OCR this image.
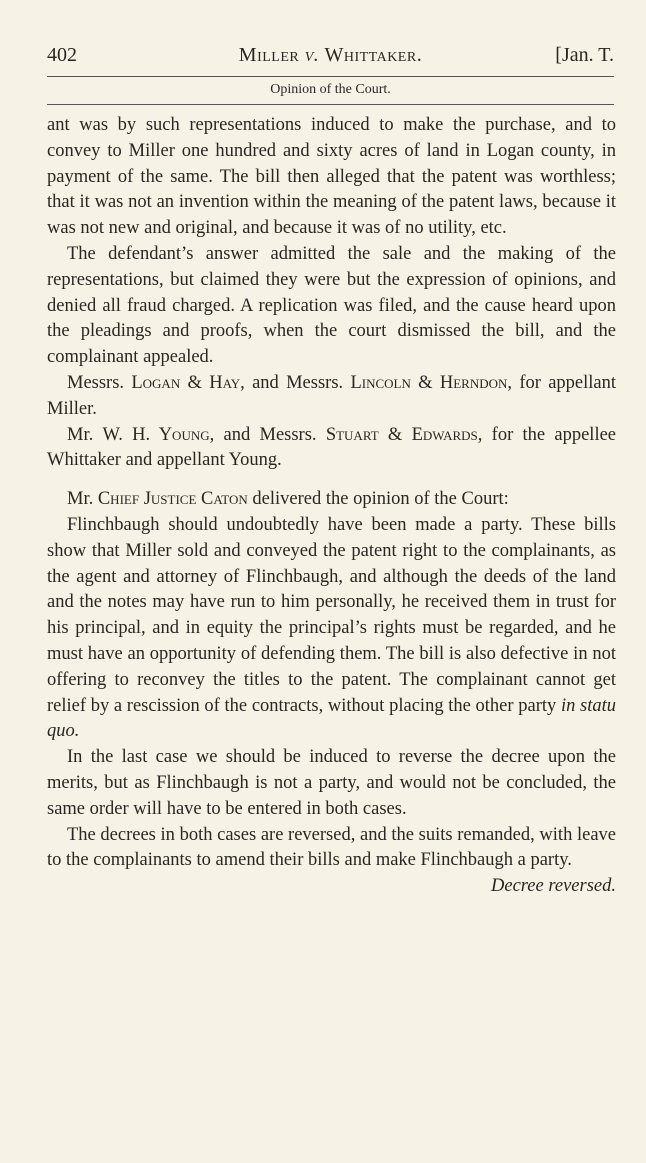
402	Miller v. Whittaker.	[Jan. T.
Opinion of the Court.

ant was by such representations induced to make the purchase, and to convey to Miller one hundred and sixty acres of land in Logan county, in payment of the same. The bill then alleged that the patent was worthless; that it was not an invention within the meaning of the patent laws, because it was not new and original, and because it was of no utility, etc.

The defendant’s answer admitted the sale and the making of the representations, but claimed they were but the expression of opinions, and denied all fraud charged. A replication was filed, and the cause heard upon the pleadings and proofs, when the court dismissed the bill, and the complainant appealed.

Messrs. Logan & Hay, and Messrs. Lincoln & Herndon, for appellant Miller.

Mr. W. H. Young, and Messrs. Stuart & Edwards, for the appellee Whittaker and appellant Young.

Mr. Chief Justice Caton delivered the opinion of the Court:

Flinchbaugh should undoubtedly have been made a party. These bills show that Miller sold and conveyed the patent right to the complainants, as the agent and attorney of Flinchbaugh, and although the deeds of the land and the notes may have run to him personally, he received them in trust for his principal, and in equity the principal’s rights must be regarded, and he must have an opportunity of defending them. The bill is also defective in not offering to reconvey the titles to the patent. The complainant cannot get relief by a rescission of the contracts, without placing the other party in statu quo.

In the last case we should be induced to reverse the decree upon the merits, but as Flinchbaugh is not a party, and would not be concluded, the same order will have to be entered in both cases.

The decrees in both cases are reversed, and the suits remanded, with leave to the complainants to amend their bills and make Flinchbaugh a party.

Decree reversed.
